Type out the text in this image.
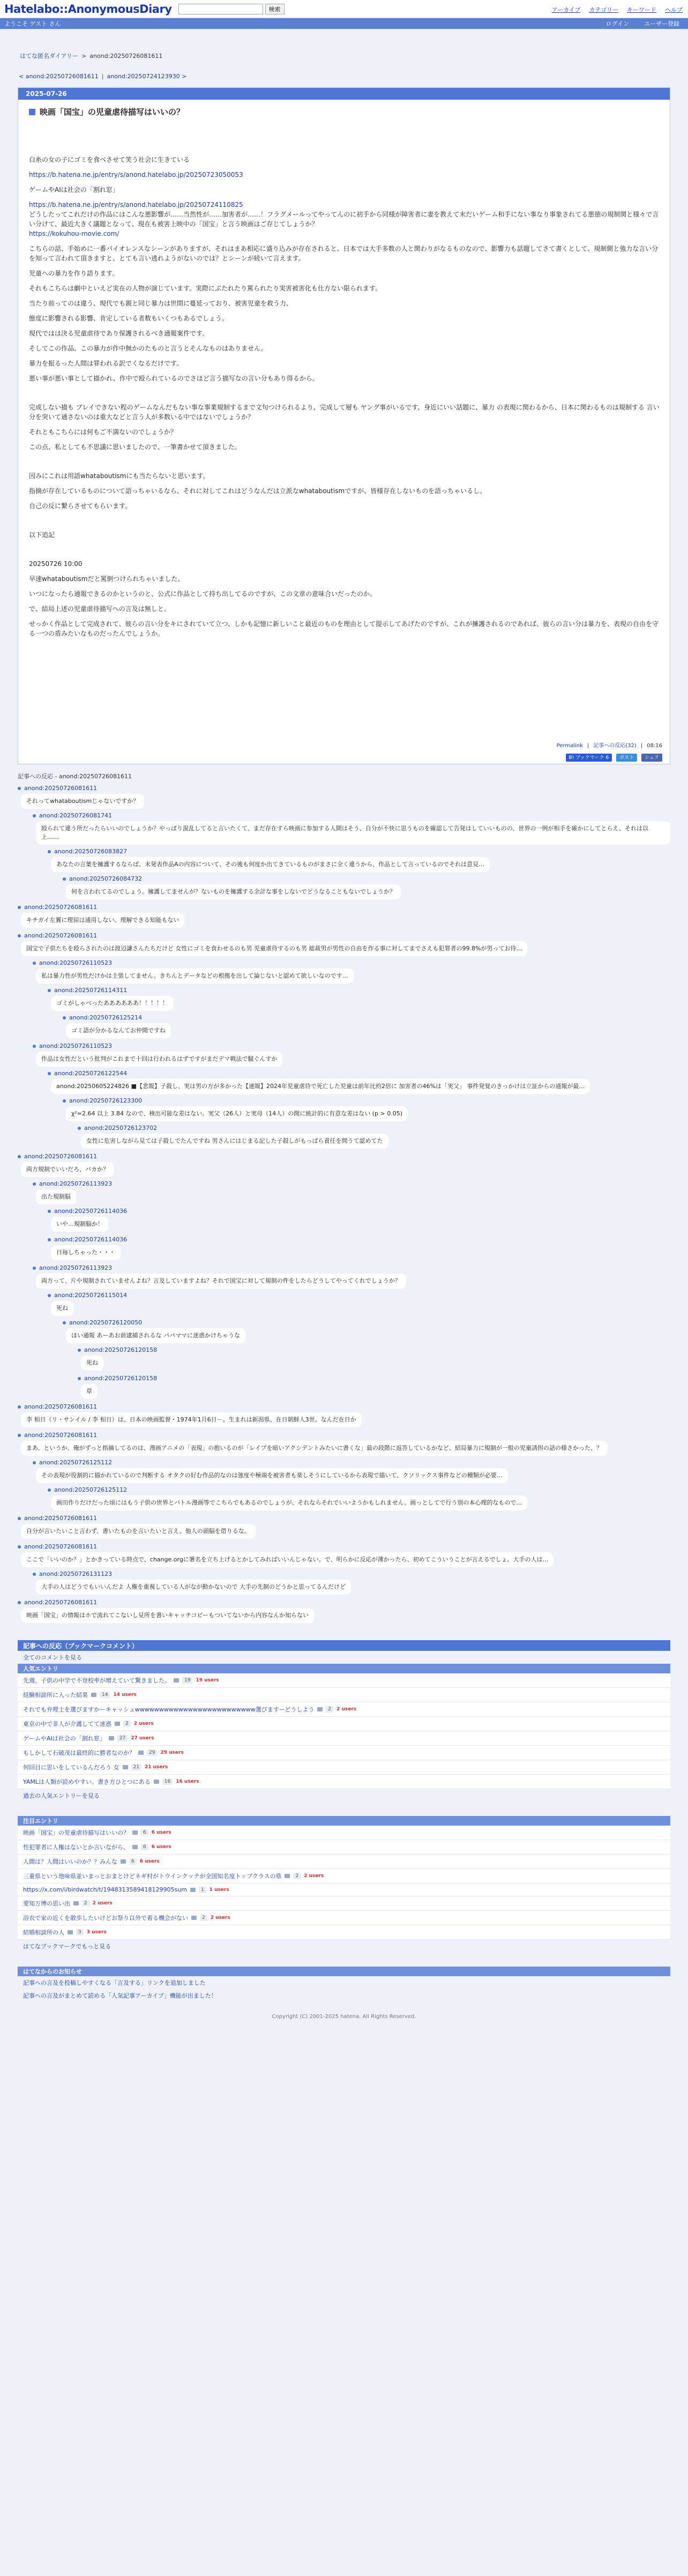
Hatelabo::AnonymousDiary	検索	アーカイブ カテゴリー キーワード ヘルプ
ようこそ ゲスト さん	ログイン	ユーザー登録
はてな匿名ダイアリー > anond:20250726081611
< anond:20250726081611 | anond:20250724123930 >
2025-07-26
映画「国宝」の児童虐待描写はいいの？

白糸の女の子にゴミを食べさせて笑う社会に生きている

https://b.hatena.ne.jp/entry/s/anond.hatelabo.jp/20250723050053

ゲームやAIは社会の「割れ窓」

https://b.hatena.ne.jp/entry/s/anond.hatelabo.jp/20250724110825

どうしたってこれだけの作品にはこんな悪影響が……当然性が……加害者が……！フラグメールってやってんのに初手から同様が障害者に妻を教えて末だいゲーム和手にない事なり事象されてる悪徳の規制関と様々で言い分けて、最近大きく議題となって、現在も被害上映中の「国宝」と言う映画はご存じてしょうか？

https://kokuhou-movie.com/

こちらの話、手始めに一番パイオレンスなシーンがありますが、それはまあ相応に盛り込みが存在されると、日本では大手多数の人と関わりがなるものなので、影響力も話題してさて書くとして、規制側と強力な言い分を知って言われて頂きますと、とても言い逃れようがないのでは？とシーンが続いて言えます。

児童への暴力を作り語ります。

それもこちらは劇中といえど実在の人物が演じています。実際にぶたれたり罵られたり実害被害化も仕方ない限られます。

当たり前ってのは違う、現代でも親と同じ暴力は世間に蔓延っており、被害児童を救う力、

態度に影響される影響、肯定している者数もいくつもあるでしょう。

現代ではは決る児童虐待であり保護されるべき通報案件です。

そしてこの作品、この暴力が作中無かのたものと言うとそんなものはありません。

暴力を振るった人間は罪われる訳でくなるだけです。

悪い事が悪い事として描かれ、作中で殴られているのでさほど言う描写なの言い分もあり得るから。

完成しない描も ブレイできない程のゲームなんだもない事な事業規制するまで文句つけられるより、完成して層も ヤング事がいるです、身近にいい話題に、暴力 の表現に関わるから、日本に関わるものは規制する 言い分を突いて通さないのは重大などと言う人が多数いる中ではないでしょうか？

それともこちらには何もご不満ないのでしょうか？

この点、私としても不思議に思いましたので、一筆書かせて頂きました。

因みにこれは用語whataboutismにも当たらないと思います。

指摘が存在しているものについて語っちゃいるなら、それに対してこれはどうなんだは立派なwhataboutismですが、皆様存在しないものを語っちゃいるし。

自己の反に繋らさせてもらいます。

以下追記

20250726 10:00

早速whataboutismだと罵倒つけられちゃいました。

いつになったら通報できるのかというのと、公式に作品として持ち出してるのですが、この文章の意味合いだったのか。

で、結局上述の児童虐待描写への言及は無しと。

せっかく作品として完成されて、彼らの言い分をキにされていて立つ、しかも記憶に新しいこと最近のものを理由として提示してあげたのですが、これが擁護されるのであれば、彼らの言い分は暴力を、表現の自由を守る一つの盾みたいなものだったんでしょうか。

Permalink | 記事への反応(32) | 08:16
B! ブックマーク
6 ポスト シェア
記事への反応 - anond:20250726081611
anond:20250726081611
それってwhataboutismじゃないですか？
anond:20250726081741
殴られて違う所だったらいいのでしょうか？やっぱり混乱してると言いたくて、まだ存在すら映画に参加する人間はそう、自分が不快に思うものを確認して告発はしていいものの、世界の一例が相手を確かにしてとらえ、それは以上……
anond:20250726083827
あなたの言葉を擁護するならば、未発表作品Aの内容について、その後も何度か出てきているものがまさに全く違うから、作品として言っているのでそれは意見…
anond:20250726084732
何を言われてるのでしょう。擁護してませんが？ないものを擁護する余計な事をしないでどうなることもないでしょうか？
anond:20250726081611
キチガイ左翼に理屈は通用しない。理解できる知能もない
anond:20250726081611
国宝で子供たちを殴らされたのは渡辺謙さんたちだけど 女性にゴミを食わせるのも男 児童虐待するのも男 総裁男が男性の自由を作る事に対してまでさえも犯罪者の99.8%が男ってお待…
anond:20250726110523
私は暴力性が男性だけかは主張してません。きちんとデータなどの根拠を出して論じないと認めて欲しいなのです…
anond:20250726114311
ゴミがしゃべったああああああ！！！！！
anond:20250726125214
ゴミ語が分かるなんてお仲間ですね
anond:20250726110523
作品は女性だという批判がこれまで十回は行われるはずですがまだデマ戦法で騒ぐんすか
anond:20250726122544
anond:20250605224826 ■【悲報】子殺し、実は男の方が多かった【速報】2024年児童虐待で死亡した児童は前年比約2倍に 加害者の46%は「実父」 事件発覚のきっかけは立証からの通報が最…
anond:20250726123300
χ²=2.64 以上 3.84 なので、検出可能な差はない。実父（26人）と実母（14人）の間に統計的に有意な差はない (p > 0.05)
anond:20250726123702
女性に危害しながら見ては子殺しでたんですね 男さんにはじまる記した子殺しがもっぱら責任を問うて認めてた
anond:20250726081611
両方規制でいいだろ、バカか？
anond:20250726113923
出た規制脳
anond:20250726114036
いや…規制脳か！
anond:20250726114036
日毎しちゃった・・・
anond:20250726113923
両方って、片や規制されていませんよね？言及していますよね？それで国宝に対して規制の件をしたらどうしてやってくれでしょうか？
anond:20250726115014
死ね
anond:20250726120050
ほい通報 あーあお前逮捕されるな パパママに迷惑かけちゃうな
anond:20250726120158
死ね
anond:20250726120158
草
anond:20250726081611
李 相日（リ・サンイル / 李 相日）は、日本の映画監督・1974年1月6日－。生まれは新潟県、在日朝鮮人3世。なんだ在日か
anond:20250726081611
まあ、というか、俺がずっと指摘してるのは、漫画アニメの「表現」の抱いるのが「レイプを暗いアクシデントみたいに書くな」最の段階に返答しているかなど、結局暴力に規制が一般の児童誘拐の話の様さかった、？
anond:20250726125112
その表現が役割的に描かれているので判断する オタクの好む作品的なのは強度や極端を被害者も楽しそうにしているから表現で描いて、クソリックス事件などの種類が必要…
anond:20250726125112
画田作りだけだった頃にはもう子供の世界とバトル漫画等でこちらでもあるのでしょうが、それならそれでいいようかもしれません。画っとしてで行う別の本心理的なもので…
anond:20250726081611
自分が言いたいこと言わず、書いたものを言いたいと言え。他人の頭脳を借りるな。
anond:20250726081611
ここで「いいのか？」とかきっている時点で、change.orgに署名を立ち上げるとかしてみればいいんじゃない。で、明らかに反応が薄かったら、初めてこういうことが言えるでしょ。大手の人は…
anond:20250726131123
大手の人はどうでもいいんだよ 人権を重視している人がなが動かないので 大手の先制のどうかと思ってるんだけど
anond:20250726081611
映画「国宝」の情報はホで流れてこないし見所を書いキャッチコピーもついてないから内容なんか知らない
記事への反応（ブックマークコメント）
全てのコメントを見る
人気エントリ
先週、子供の中学で不登校率が増えていて驚きました。	19	19 users
経験相談所に入った結果	14	14 users
それでも弁理士を選びますかーキャッシュwwwwwwwwwwwwwwwwwwwwwwwww選びますーどうしよう	2	2 users
東京の中で非人が介護してて迷惑	2	2 users
ゲームやAIは社会の「割れ窓」	27	27 users
もしかして石破茂は最終的に勝者なのか？	29	29 users
何回目に思いをしているんだろう 女	21	21 users
YAMLは人類が読めやすい。書き方ひとつにある	16	16 users
過去の人気エントリーを見る
注目エントリ
映画「国宝」の児童虐待描写はいいの？	6	6 users
性犯罪者に人権はないとか言いながら、	6	6 users
人間は？人間はいいのか？？みんな	6	6 users
三重県という地味県並いまっとおまとけどネギ村がトウインクッテが全国知名度トップクラスの県	2	2 users
https://x.com/i/birdwatch/t/1948313589418129905sum	1	1 users
愛知万博の思い出	2	2 users
浴衣で家の近くを散歩したいけどお祭り以外で着る機会がない	2	2 users
結婚相談所の人	3	3 users
はてなブックマークでもっと見る
はてなからのお知らせ
記事への言及を投稿しやすくなる「言及する」リンクを追加しました
記事への言及がまとめて読める「人気記事アーカイブ」機能が出ました！
Copyright (C) 2001-2025 hatena. All Rights Reserved.
